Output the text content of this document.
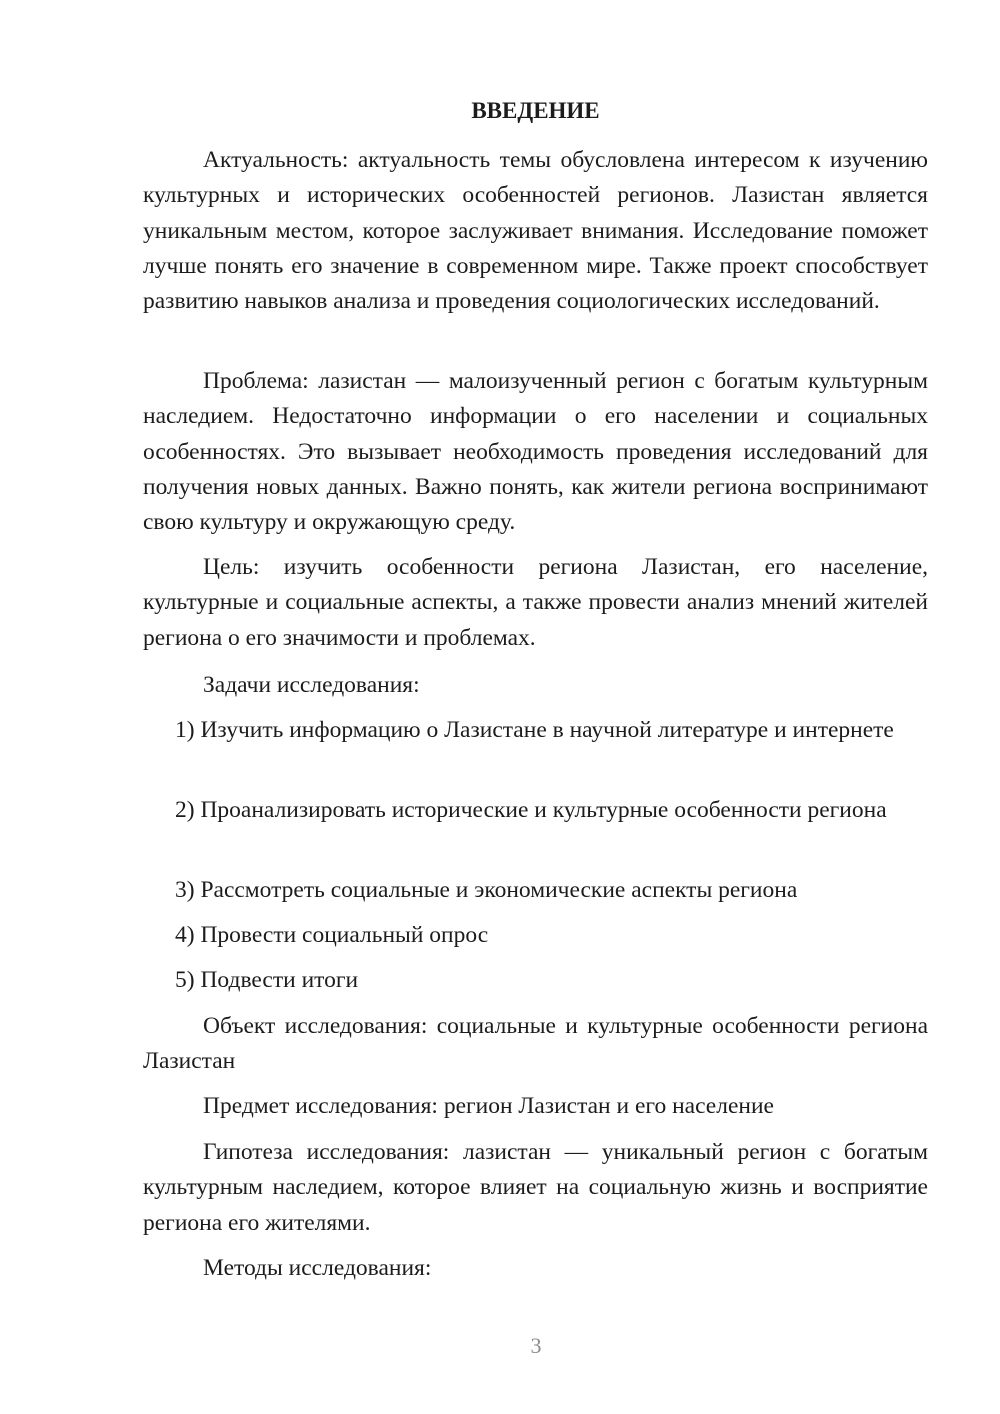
ВВЕДЕНИЕ

Актуальность: актуальность темы обусловлена интересом к изучению культурных и исторических особенностей регионов. Лазистан является уникальным местом, которое заслуживает внимания. Исследование поможет лучше понять его значение в современном мире. Также проект способствует развитию навыков анализа и проведения социологических исследований.

Проблема: лазистан — малоизученный регион с богатым культурным наследием. Недостаточно информации о его населении и социальных особенностях. Это вызывает необходимость проведения исследований для получения новых данных. Важно понять, как жители региона воспринимают свою культуру и окружающую среду.

Цель: изучить особенности региона Лазистан, его население, культурные и социальные аспекты, а также провести анализ мнений жителей региона о его значимости и проблемах.

Задачи исследования:

1) Изучить информацию о Лазистане в научной литературе и интернете

2) Проанализировать исторические и культурные особенности региона

3) Рассмотреть социальные и экономические аспекты региона

4) Провести социальный опрос

5) Подвести итоги

Объект исследования: социальные и культурные особенности региона Лазистан

Предмет исследования: регион Лазистан и его население

Гипотеза исследования: лазистан — уникальный регион с богатым культурным наследием, которое влияет на социальную жизнь и восприятие региона его жителями.

Методы исследования:

3
